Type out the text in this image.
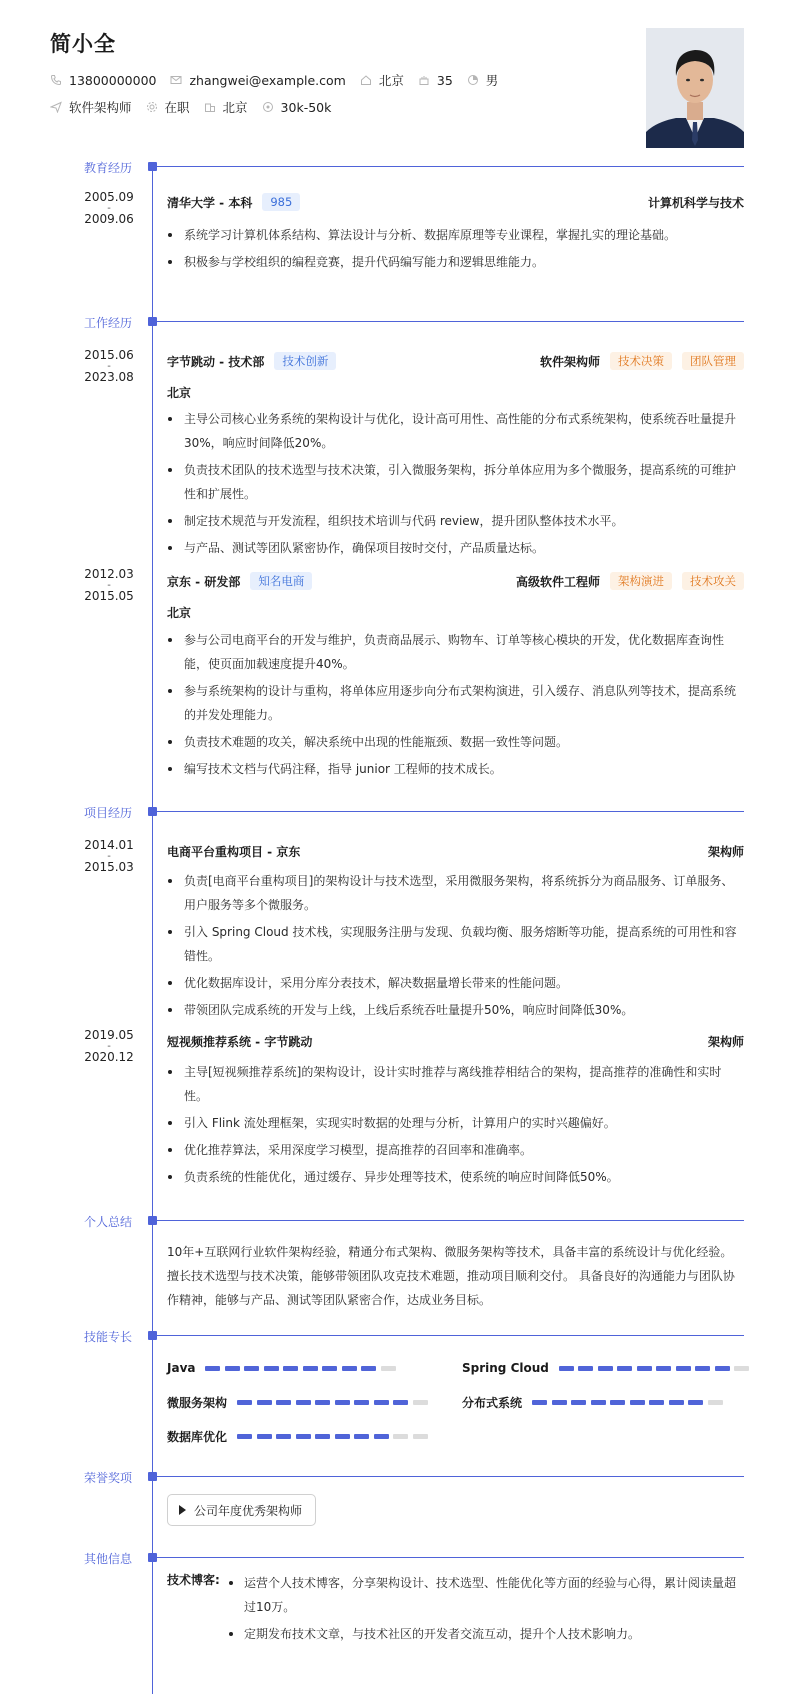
简小全
13800000000	zhangwei@example.com	北京	35	男
软件架构师	在职	北京	30k-50k
教育经历
2005.09
-
2009.06
清华大学 - 本科	985	计算机科学与技术
系统学习计算机体系结构、算法设计与分析、数据库原理等专业课程，掌握扎实的理论基础。
积极参与学校组织的编程竞赛，提升代码编写能力和逻辑思维能力。
工作经历
2015.06
-
2023.08
字节跳动 - 技术部	技术创新	软件架构师	技术决策	团队管理
北京
主导公司核心业务系统的架构设计与优化，设计高可用性、高性能的分布式系统架构，使系统吞吐量提升30%，响应时间降低20%。
负责技术团队的技术选型与技术决策，引入微服务架构，拆分单体应用为多个微服务，提高系统的可维护性和扩展性。
制定技术规范与开发流程，组织技术培训与代码 review，提升团队整体技术水平。
与产品、测试等团队紧密协作，确保项目按时交付，产品质量达标。
2012.03
-
2015.05
京东 - 研发部	知名电商	高级软件工程师	架构演进	技术攻关
北京
参与公司电商平台的开发与维护，负责商品展示、购物车、订单等核心模块的开发，优化数据库查询性能，使页面加载速度提升40%。
参与系统架构的设计与重构，将单体应用逐步向分布式架构演进，引入缓存、消息队列等技术，提高系统的并发处理能力。
负责技术难题的攻关，解决系统中出现的性能瓶颈、数据一致性等问题。
编写技术文档与代码注释，指导 junior 工程师的技术成长。
项目经历
2014.01
-
2015.03
电商平台重构项目 - 京东	架构师
负责[电商平台重构项目]的架构设计与技术选型，采用微服务架构，将系统拆分为商品服务、订单服务、用户服务等多个微服务。
引入 Spring Cloud 技术栈，实现服务注册与发现、负载均衡、服务熔断等功能，提高系统的可用性和容错性。
优化数据库设计，采用分库分表技术，解决数据量增长带来的性能问题。
带领团队完成系统的开发与上线，上线后系统吞吐量提升50%，响应时间降低30%。
2019.05
-
2020.12
短视频推荐系统 - 字节跳动	架构师
主导[短视频推荐系统]的架构设计，设计实时推荐与离线推荐相结合的架构，提高推荐的准确性和实时性。
引入 Flink 流处理框架，实现实时数据的处理与分析，计算用户的实时兴趣偏好。
优化推荐算法，采用深度学习模型，提高推荐的召回率和准确率。
负责系统的性能优化，通过缓存、异步处理等技术，使系统的响应时间降低50%。
个人总结
10年+互联网行业软件架构经验，精通分布式架构、微服务架构等技术，具备丰富的系统设计与优化经验。擅长技术选型与技术决策，能够带领团队攻克技术难题，推动项目顺利交付。 具备良好的沟通能力与团队协作精神，能够与产品、测试等团队紧密合作，达成业务目标。
技能专长
Java	Spring Cloud
微服务架构	分布式系统
数据库优化
荣誉奖项
公司年度优秀架构师
其他信息
技术博客:	运营个人技术博客，分享架构设计、技术选型、性能优化等方面的经验与心得，累计阅读量超过10万。
定期发布技术文章，与技术社区的开发者交流互动，提升个人技术影响力。
